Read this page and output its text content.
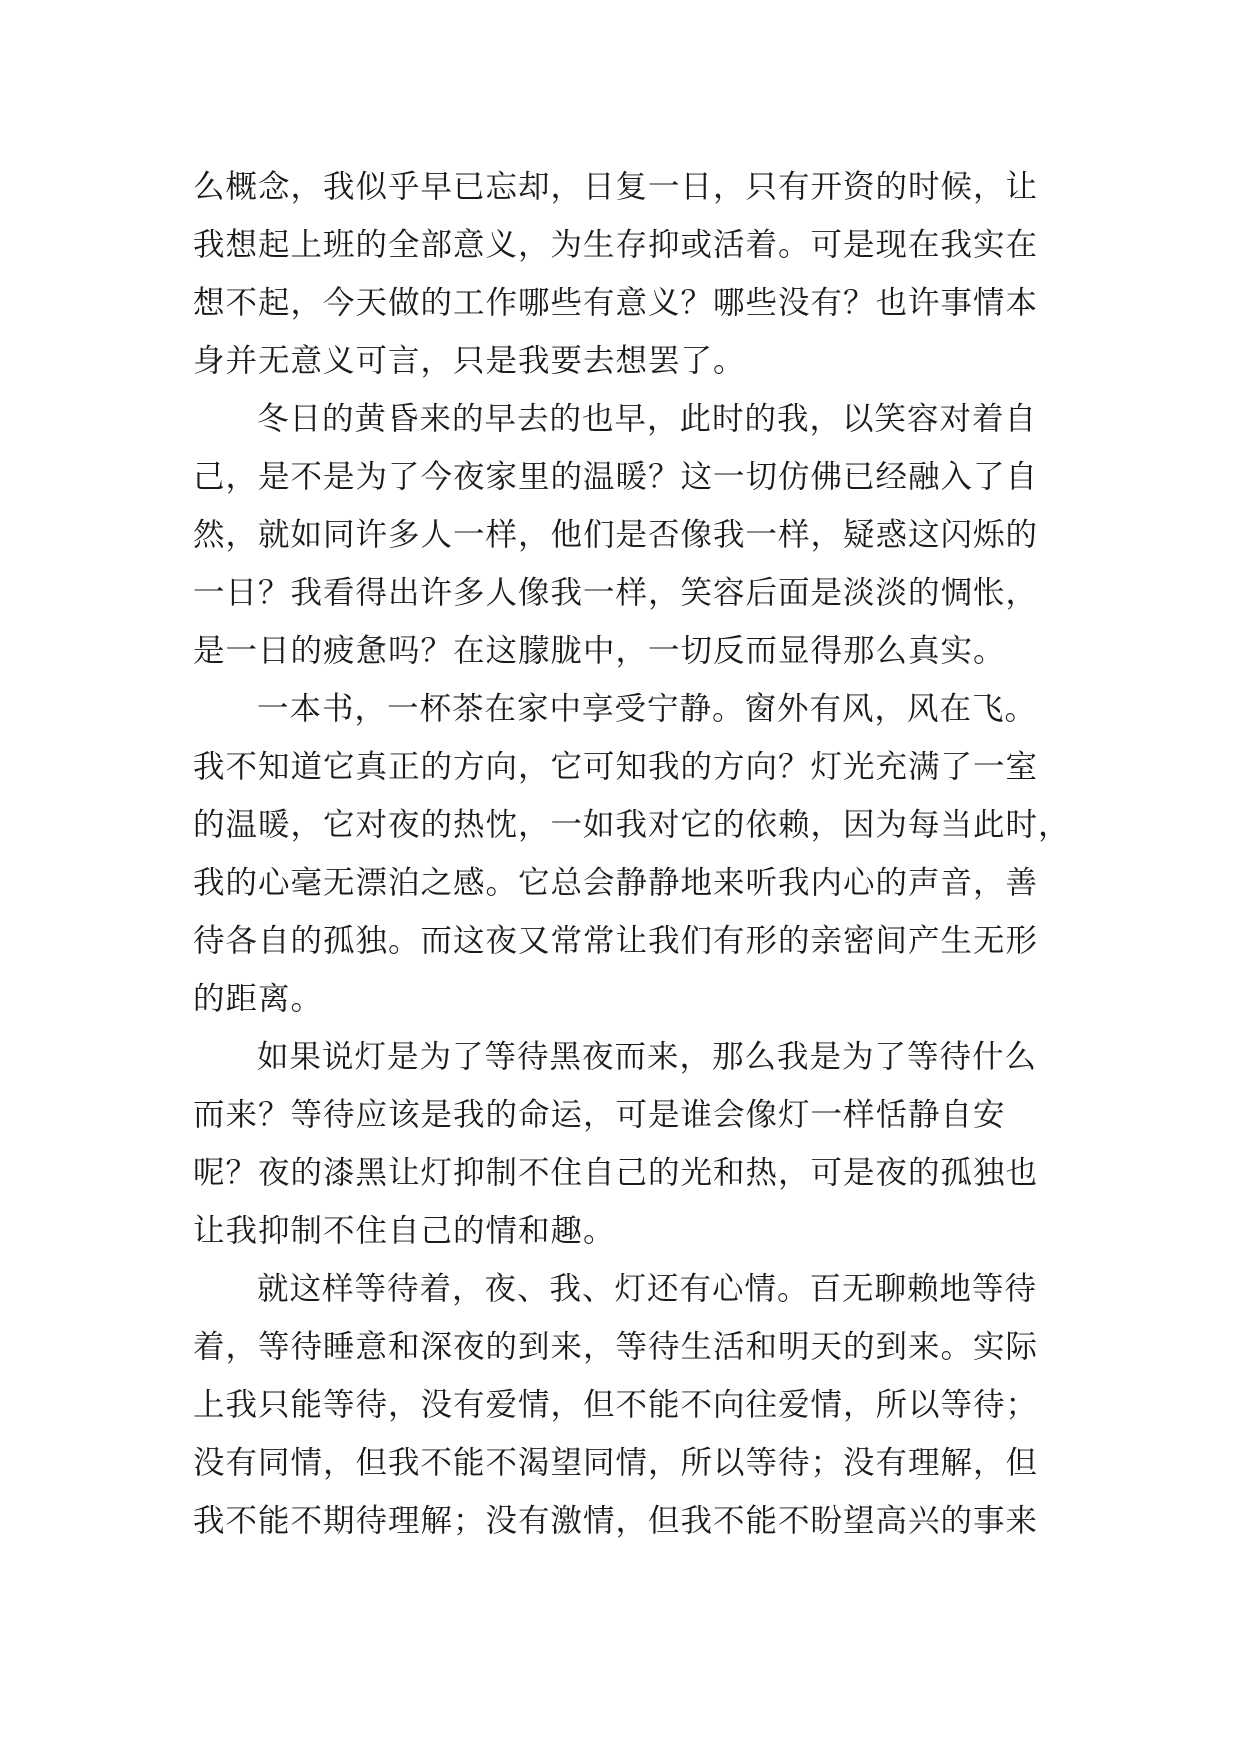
么概念，我似乎早已忘却，日复一日，只有开资的时候，让
我想起上班的全部意义，为生存抑或活着。可是现在我实在
想不起，今天做的工作哪些有意义？哪些没有？也许事情本
身并无意义可言，只是我要去想罢了。
冬日的黄昏来的早去的也早，此时的我，以笑容对着自
己，是不是为了今夜家里的温暖？这一切仿佛已经融入了自
然，就如同许多人一样，他们是否像我一样，疑惑这闪烁的
一日？我看得出许多人像我一样，笑容后面是淡淡的惆怅，
是一日的疲惫吗？在这朦胧中，一切反而显得那么真实。
一本书，一杯茶在家中享受宁静。窗外有风，风在飞。
我不知道它真正的方向，它可知我的方向？灯光充满了一室
的温暖，它对夜的热忱，一如我对它的依赖，因为每当此时，
我的心毫无漂泊之感。它总会静静地来听我内心的声音，善
待各自的孤独。而这夜又常常让我们有形的亲密间产生无形
的距离。
如果说灯是为了等待黑夜而来，那么我是为了等待什么
而来？等待应该是我的命运，可是谁会像灯一样恬静自安
呢？夜的漆黑让灯抑制不住自己的光和热，可是夜的孤独也
让我抑制不住自己的情和趣。
就这样等待着，夜、我、灯还有心情。百无聊赖地等待
着，等待睡意和深夜的到来，等待生活和明天的到来。实际
上我只能等待，没有爱情，但不能不向往爱情，所以等待；
没有同情，但我不能不渴望同情，所以等待；没有理解，但
我不能不期待理解；没有激情，但我不能不盼望高兴的事来
